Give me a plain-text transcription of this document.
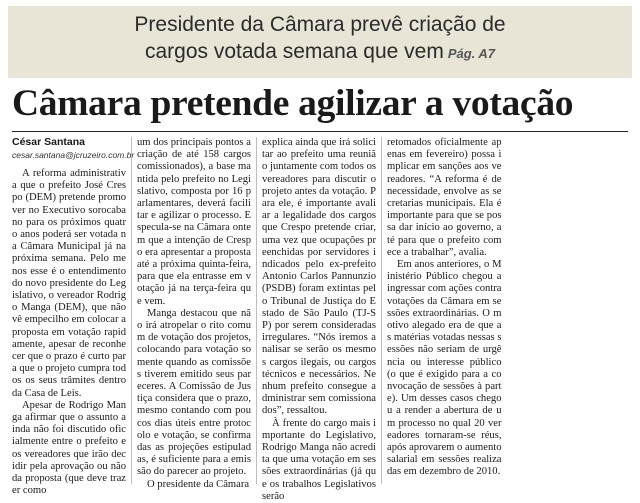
Presidente da Câmara prevê criação de
cargos votada semana que vem Pág. A7
Câmara pretende agilizar a votação
César Santana
cesar.santana@jcruzeiro.com.br

A reforma administrativa que o prefeito José Crespo (DEM) pretende promover no Executivo sorocabano para os próximos quatro anos poderá ser votada na Câmara Municipal já na próxima semana. Pelo menos esse é o entendimento do novo presidente do Legislativo, o vereador Rodrigo Manga (DEM), que não vê empecilho em colocar a proposta em votação rapidamente, apesar de reconhecer que o prazo é curto para que o projeto cumpra todos os seus trâmites dentro da Casa de Leis.

Apesar de Rodrigo Manga afirmar que o assunto ainda não foi discutido oficialmente entre o prefeito e os vereadores que irão decidir pela aprovação ou não da proposta (que deve trazer como

um dos principais pontos a criação de até 158 cargos comissionados), a base mantida pelo prefeito no Legislativo, composta por 16 parlamentares, deverá facilitar e agilizar o processo. Especula-se na Câmara ontem que a intenção de Crespo era apresentar a proposta até a próxima quinta-feira, para que ela entrasse em votação já na terça-feira que vem.

Manga destacou que não irá atropelar o rito comum de votação dos projetos, colocando para votação somente quando as comissões tiverem emitido seus pareceres. A Comissão de Justiça considera que o prazo, mesmo contando com poucos dias úteis entre protocolo e votação, se confirmadas as projeções estipuladas, é suficiente para a emissão do parecer ao projeto.

O presidente da Câmara

explica ainda que irá solicitar ao prefeito uma reunião juntamente com todos os vereadores para discutir o projeto antes da votação. Para ele, é importante avaliar a legalidade dos cargos que Crespo pretende criar, uma vez que ocupações preenchidas por servidores indicados pelo ex-prefeito Antonio Carlos Pannunzio (PSDB) foram extintas pelo Tribunal de Justiça do Estado de São Paulo (TJ-SP) por serem consideradas irregulares. “Nós iremos analisar se serão os mesmos cargos ilegais, ou cargos técnicos e necessários. Nenhum prefeito consegue administrar sem comissionados”, ressaltou.

À frente do cargo mais importante do Legislativo, Rodrigo Manga não acredita que uma votação em sessões extraordinárias (já que os trabalhos Legislativos serão

retomados oficialmente apenas em fevereiro) possa implicar em sanções aos vereadores. “A reforma é de necessidade, envolve as secretarias municipais. Ela é importante para que se possa dar início ao governo, até para que o prefeito comece a trabalhar”, avalia.

Em anos anteriores, o Ministério Público chegou a ingressar com ações contra votações da Câmara em sessões extraordinárias. O motivo alegado era de que as matérias votadas nessas sessões não seriam de urgência ou interesse público (o que é exigido para a convocação de sessões à parte). Um desses casos chegou a render a abertura de um processo no qual 20 vereadores tornaram-se réus, após aprovarem o aumento salarial em sessões realizadas em dezembro de 2010.
